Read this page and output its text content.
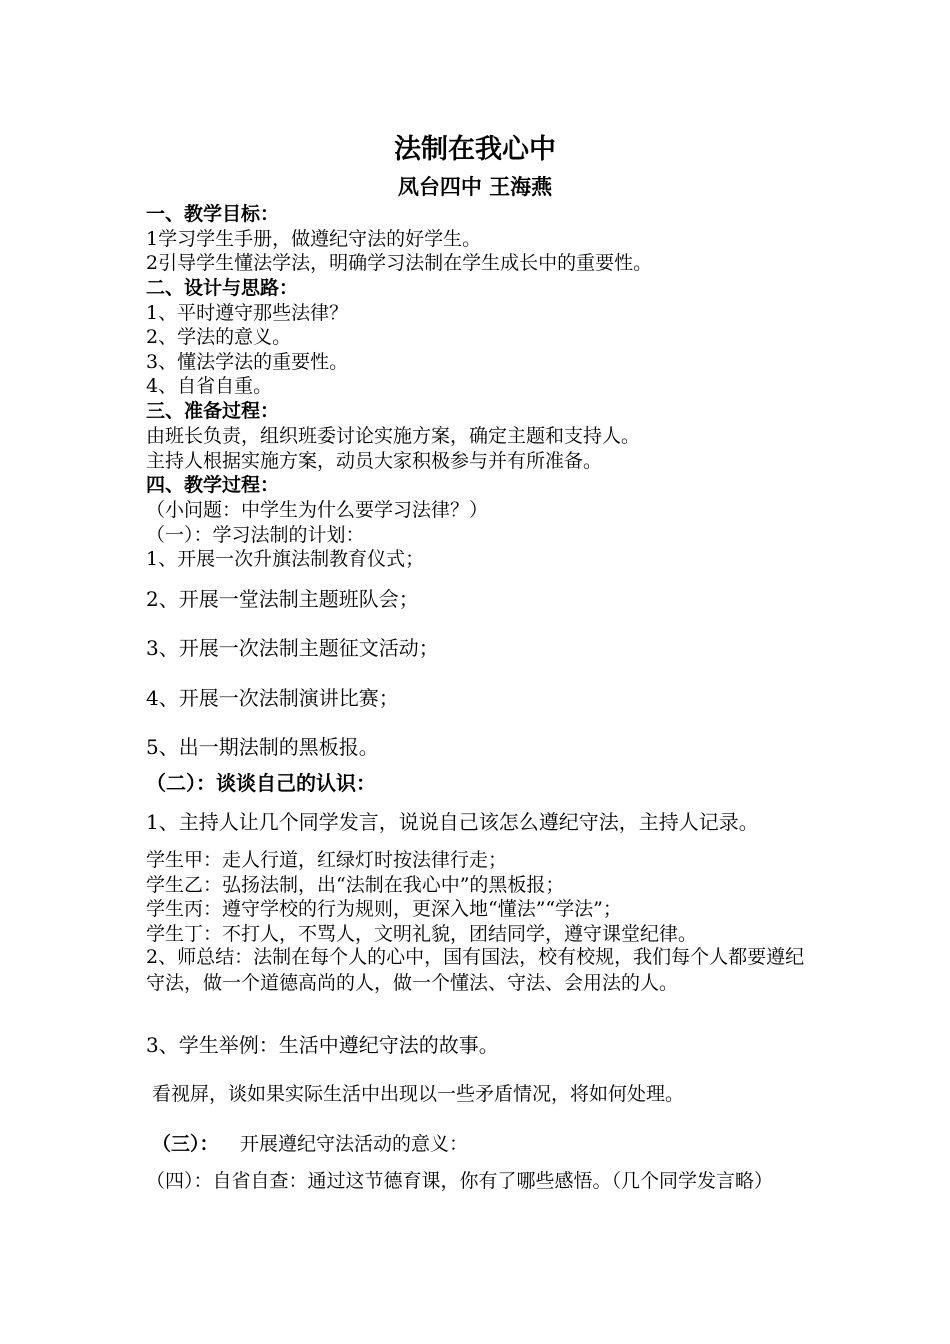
法制在我心中
凤台四中 王海燕
一、教学目标：
1学习学生手册，做遵纪守法的好学生。
2引导学生懂法学法，明确学习法制在学生成长中的重要性。
二、设计与思路：
1、平时遵守那些法律？
2、学法的意义。
3、懂法学法的重要性。
4、自省自重。
三、准备过程：
由班长负责，组织班委讨论实施方案，确定主题和支持人。
主持人根据实施方案，动员大家积极参与并有所准备。
四、教学过程：
（小问题：中学生为什么要学习法律？）
（一）：学习法制的计划：
1、开展一次升旗法制教育仪式；
2、开展一堂法制主题班队会；
3、开展一次法制主题征文活动；
4、开展一次法制演讲比赛；
5、出一期法制的黑板报。
（二）：谈谈自己的认识：
1、主持人让几个同学发言，说说自己该怎么遵纪守法，主持人记录。
学生甲：走人行道，红绿灯时按法律行走；
学生乙：弘扬法制，出“法制在我心中”的黑板报；
学生丙：遵守学校的行为规则，更深入地“懂法”“学法”；
学生丁：不打人，不骂人，文明礼貌，团结同学，遵守课堂纪律。
2、师总结：法制在每个人的心中，国有国法，校有校规，我们每个人都要遵纪守法，做一个道德高尚的人，做一个懂法、守法、会用法的人。
3、学生举例：生活中遵纪守法的故事。
看视屏，谈如果实际生活中出现以一些矛盾情况，将如何处理。
（三）： 开展遵纪守法活动的意义：
（四）：自省自查：通过这节德育课，你有了哪些感悟。（几个同学发言略）
